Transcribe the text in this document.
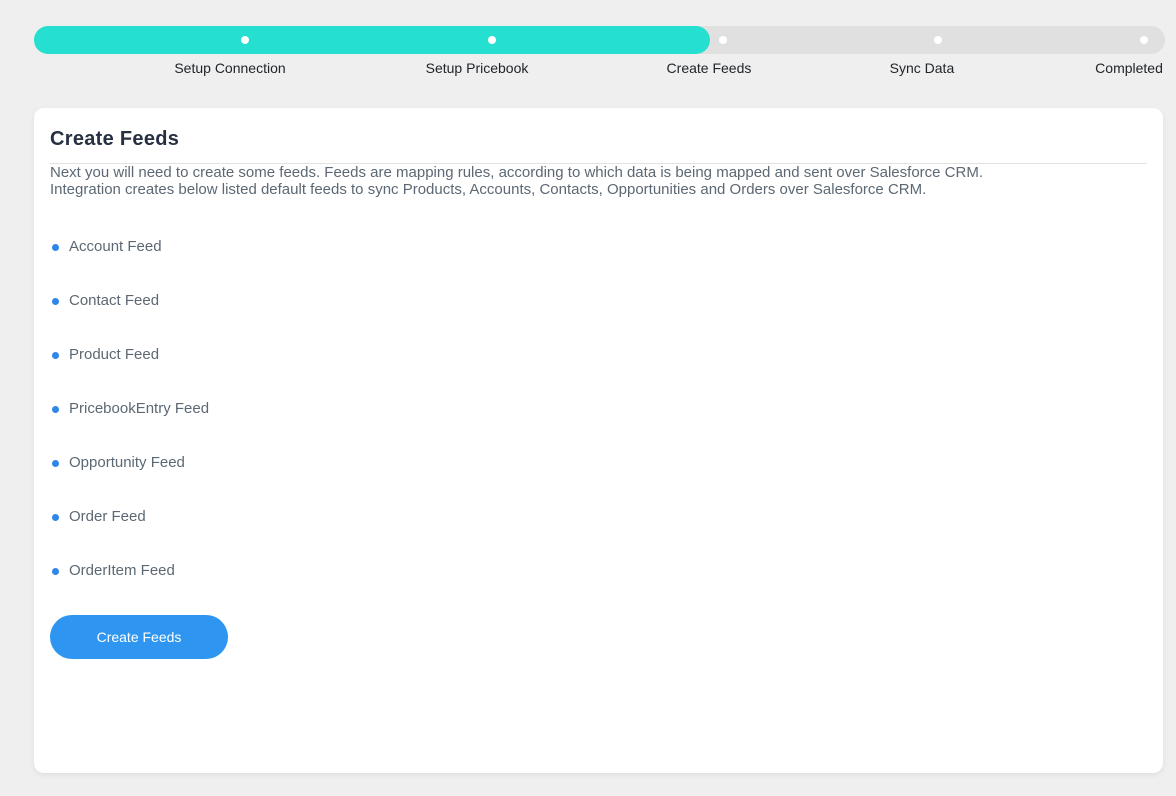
Setup Connection	Setup Pricebook	Create Feeds	Sync Data	Completed
Create Feeds

Next you will need to create some feeds. Feeds are mapping rules, according to which data is being mapped and sent over Salesforce CRM.

Integration creates below listed default feeds to sync Products, Accounts, Contacts, Opportunities and Orders over Salesforce CRM.

Account Feed
Contact Feed
Product Feed
PricebookEntry Feed
Opportunity Feed
Order Feed
OrderItem Feed
Create Feeds
